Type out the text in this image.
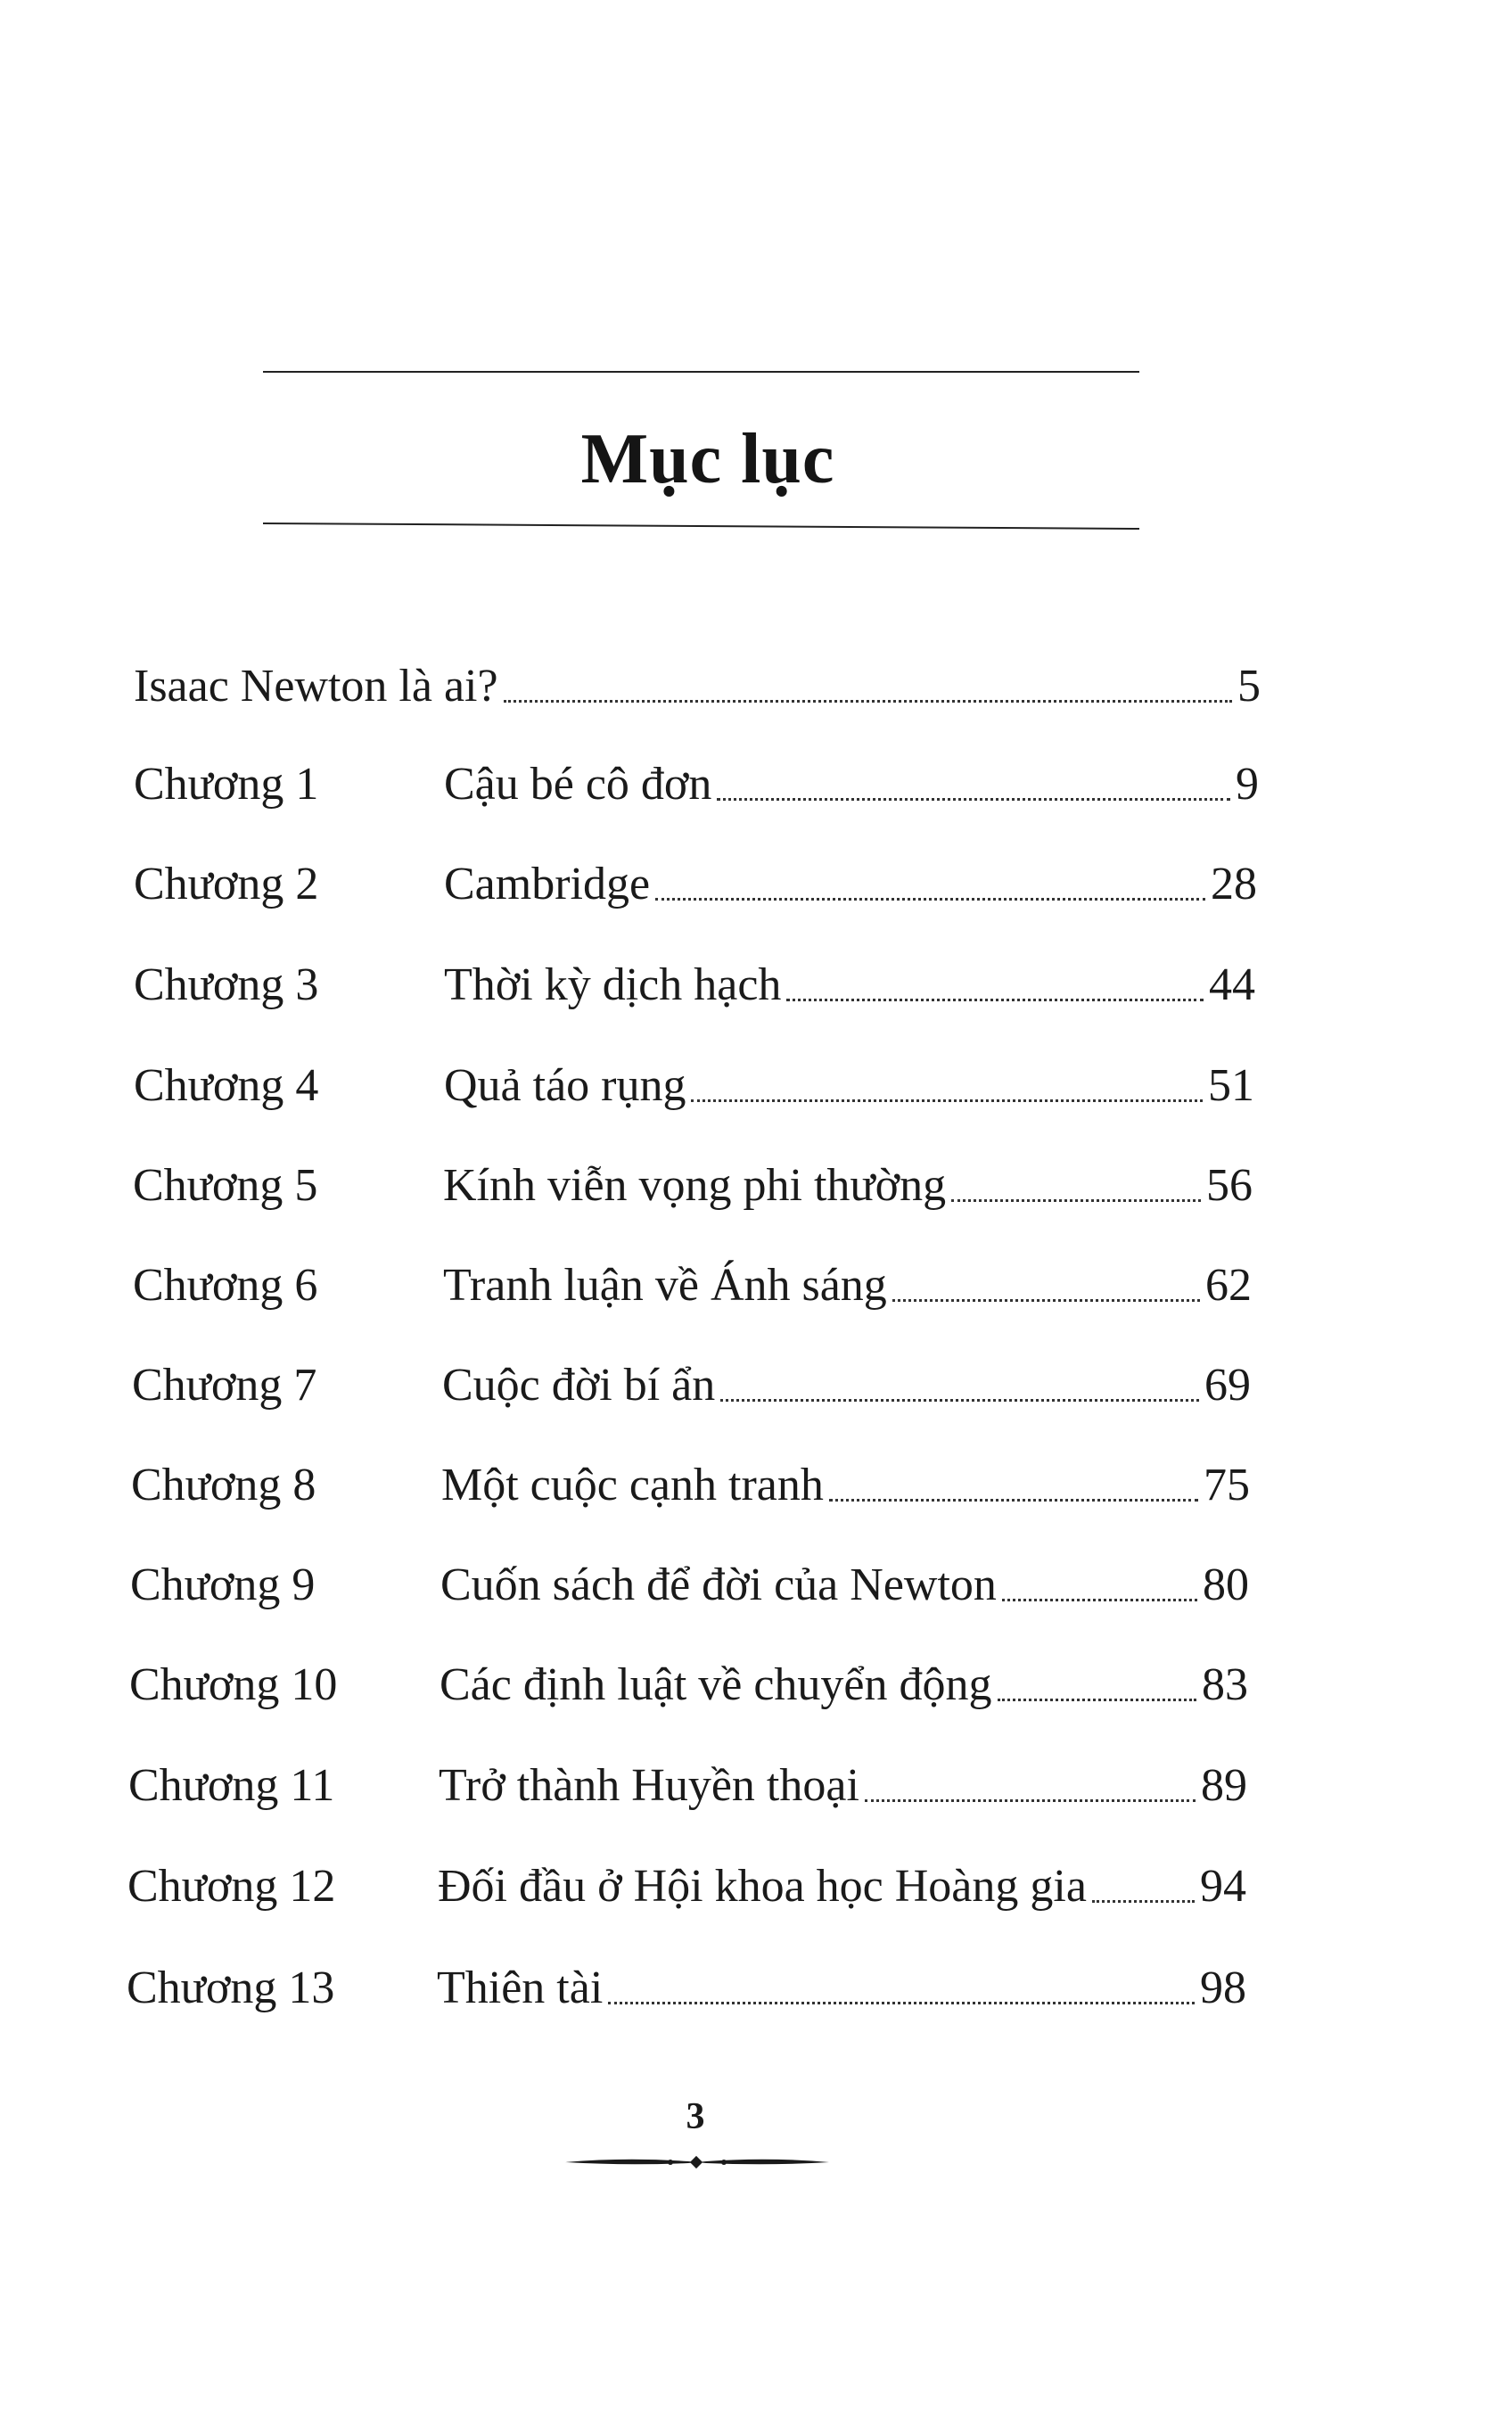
Mục lục
Isaac Newton là ai?	5
Chương 1	Cậu bé cô đơn	9
Chương 2	Cambridge	28
Chương 3	Thời kỳ dịch hạch	44
Chương 4	Quả táo rụng	51
Chương 5	Kính viễn vọng phi thường	56
Chương 6	Tranh luận về Ánh sáng	62
Chương 7	Cuộc đời bí ẩn	69
Chương 8	Một cuộc cạnh tranh	75
Chương 9	Cuốn sách để đời của Newton	80
Chương 10	Các định luật về chuyển động	83
Chương 11	Trở thành Huyền thoại	89
Chương 12	Đối đầu ở Hội khoa học Hoàng gia 94
Chương 13	Thiên tài	98
3
